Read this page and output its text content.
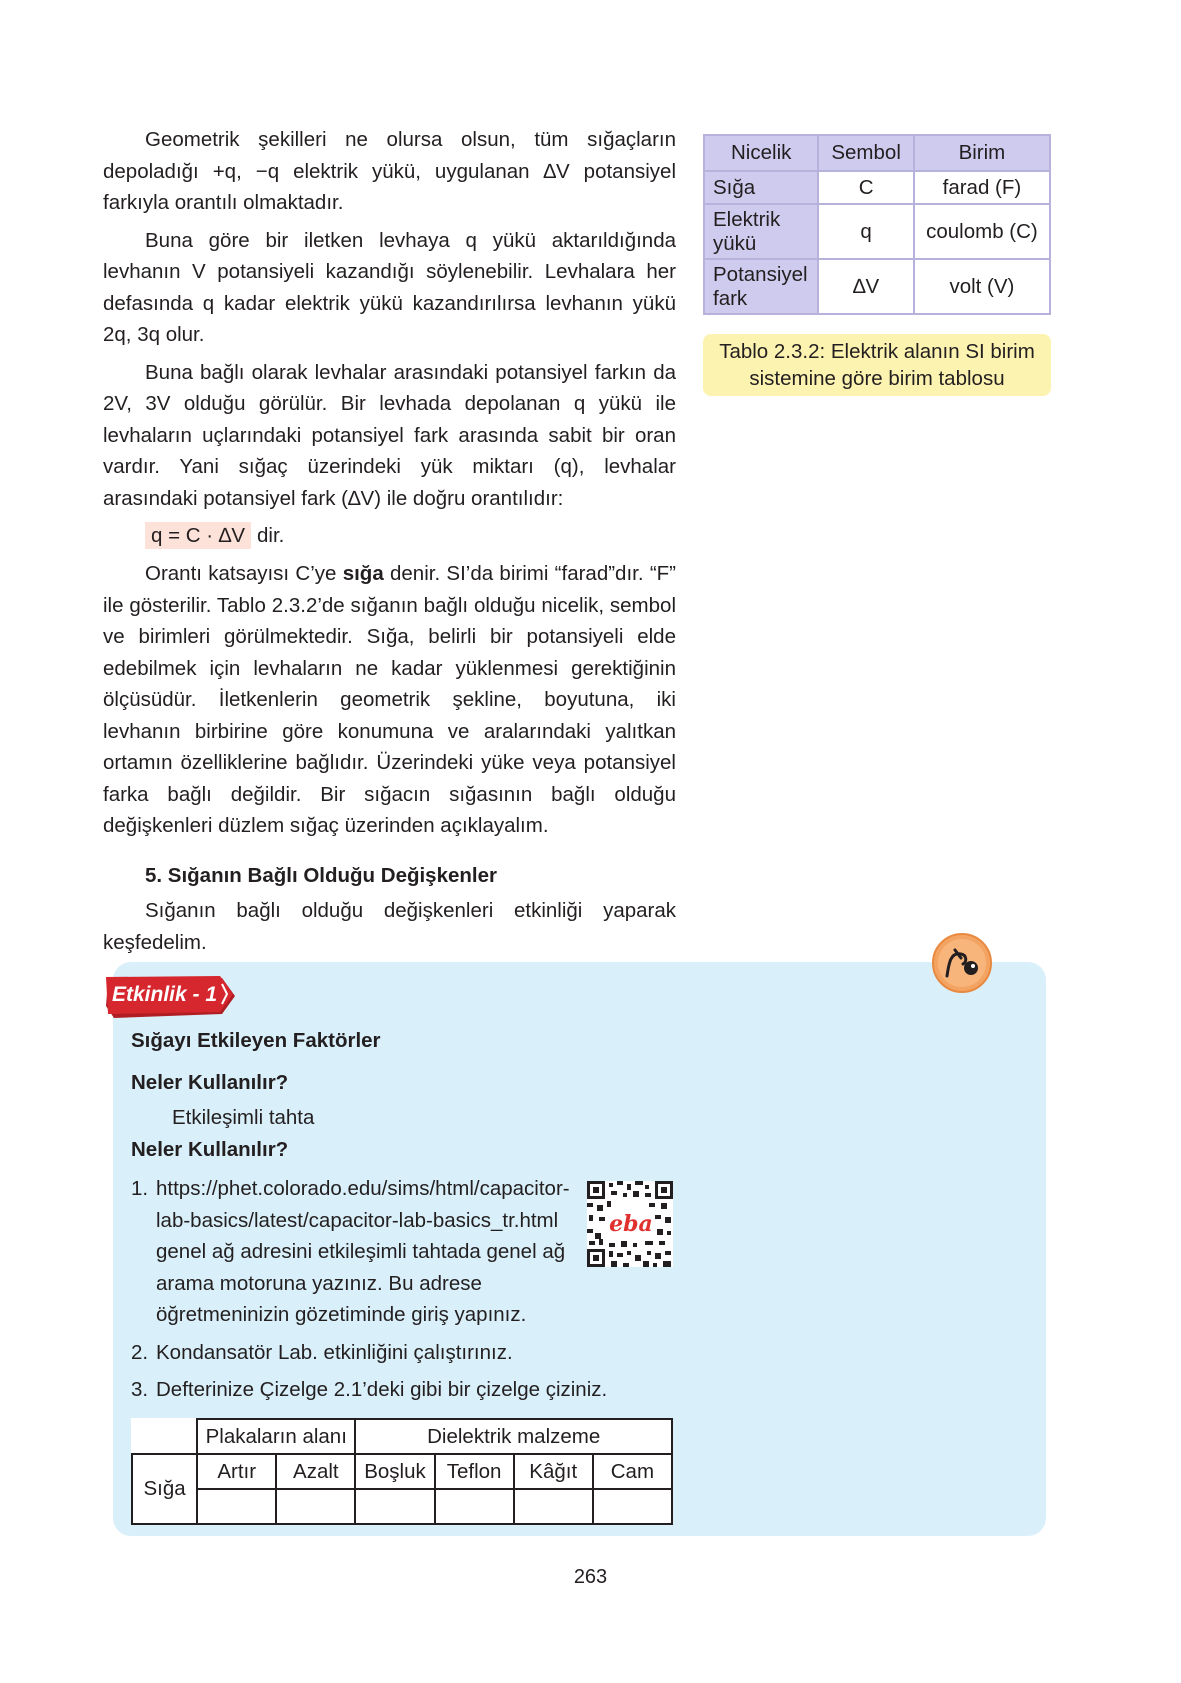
Geometrik şekilleri ne olursa olsun, tüm sığaçların depoladığı +q, −q elektrik yükü, uygulanan ∆V potansiyel farkıyla orantılı olmaktadır.

Buna göre bir iletken levhaya q yükü aktarıldığında levhanın V potansiyeli kazandığı söylenebilir. Levhalara her defasında q kadar elektrik yükü kazandırılırsa levhanın yükü 2q, 3q olur.

Buna bağlı olarak levhalar arasındaki potansiyel farkın da 2V, 3V olduğu görülür. Bir levhada depolanan q yükü ile levhaların uçlarındaki potansiyel fark arasında sabit bir oran vardır. Yani sığaç üzerindeki yük miktarı (q), levhalar arasındaki potansiyel fark (∆V) ile doğru orantılıdır:

q = C · ∆V dir.

Orantı katsayısı C’ye sığa denir. SI’da birimi “farad”dır. “F” ile gösterilir. Tablo 2.3.2’de sığanın bağlı olduğu nicelik, sembol ve birimleri görülmektedir. Sığa, belirli bir potansiyeli elde edebilmek için levhaların ne kadar yüklenmesi gerektiğinin ölçüsüdür. İletkenlerin geometrik şekline, boyutuna, iki levhanın birbirine göre konumuna ve aralarındaki yalıtkan ortamın özelliklerine bağlıdır. Üzerindeki yüke veya potansiyel farka bağlı değildir. Bir sığacın sığasının bağlı olduğu değişkenleri düzlem sığaç üzerinden açıklayalım.

5. Sığanın Bağlı Olduğu Değişkenler

Sığanın bağlı olduğu değişkenleri etkinliği yaparak keşfedelim.

Nicelik	Sembol	Birim
Sığa	C	farad (F)
Elektrik yükü	q	coulomb (C)
Potansiyel fark	∆V	volt (V)
Tablo 2.3.2: Elektrik alanın SI birim sistemine göre birim tablosu
Etkinlik - 1
Sığayı Etkileyen Faktörler
Neler Kullanılır?
Etkileşimli tahta
Neler Kullanılır?
1. https://phet.colorado.edu/sims/html/capacitor-lab-basics/latest/capacitor-lab-basics_tr.html genel ağ adresini etkileşimli tahtada genel ağ arama motoruna yazınız. Bu adrese öğretmeninizin gözetiminde giriş yapınız.
2. Kondansatör Lab. etkinliğini çalıştırınız.
3. Defterinize Çizelge 2.1’deki gibi bir çizelge çiziniz.
eba
	Plakaların alanı		Dielektrik malzeme			
Sığa	Artır	Azalt	Boşluk	Teflon	Kâğıt	Cam

263
